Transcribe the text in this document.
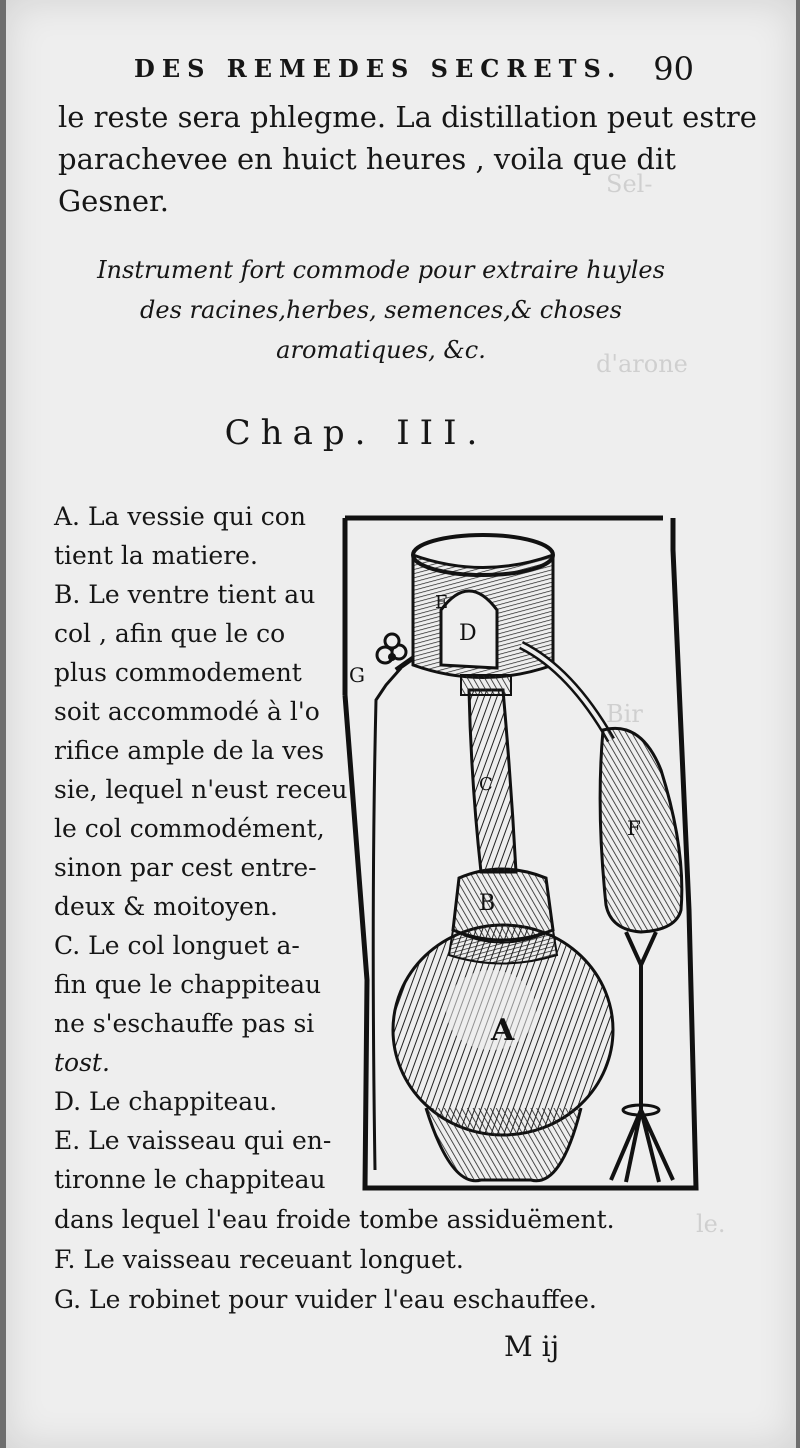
Sel-
d'arone
Bir
le.
DES REMEDES SECRETS. 90

le reste sera phlegme. La distillation peut estre
parachevee en huict heures , voila que dit
Gesner.

Instrument fort commode pour extraire huyles
des racines,herbes, semences,& choses
aromatiques, &c.

Chap. III.
A. La vessie qui con
tient la matiere.
B. Le ventre tient au
col , afin que le co
plus commodement
soit accommodé à l'o
rifice ample de la ves
sie, lequel n'eust receu
le col commodément,
sinon par cest entre-
deux & moitoyen.
C. Le col longuet a-
fin que le chappiteau
ne s'eschauffe pas si
tost.
D. Le chappiteau.
E. Le vaisseau qui en-
tironne le chappiteau
dans lequel l'eau froide tombe assiduëment.
F. Le vaisseau receuant longuet.
G. Le robinet pour vuider l'eau eschauffee.
A
B
C
D
E
F
G
M ij
